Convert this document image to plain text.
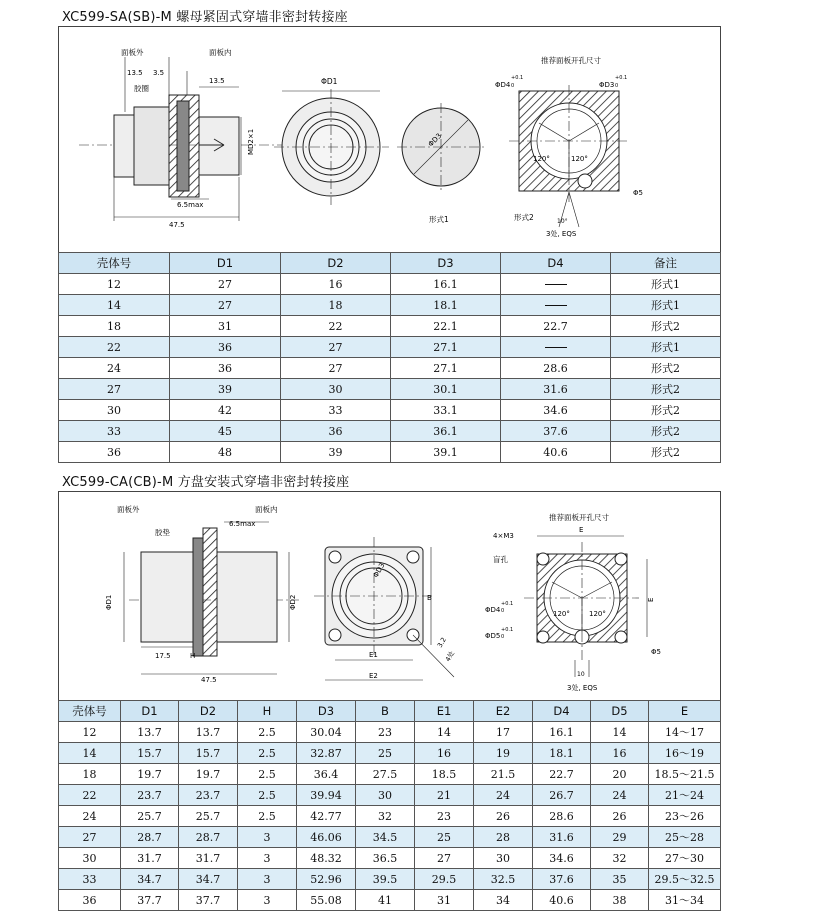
XC599-SA(SB)-M 螺母紧固式穿墙非密封转接座
面板外	面板内
13.5 3.5
胶圈
13.5
MD2×1
6.5max
47.5
ΦD1
ΦD3
形式1
推荐面板开孔尺寸
ΦD4
+0.1
0	ΦD3
+0.1
0
120°	120°
Φ5
形式2	10°
3处, EQS
壳体号	D1	D2	D3	D4	备注
12	27	16	16.1		形式1
14	27	18	18.1		形式1
18	31	22	22.1	22.7	形式2
22	36	27	27.1		形式1
24	36	27	27.1	28.6	形式2
27	39	30	30.1	31.6	形式2
30	42	33	33.1	34.6	形式2
33	45	36	36.1	37.6	形式2
36	48	39	39.1	40.6	形式2
XC599-CA(CB)-M 方盘安装式穿墙非密封转接座
面板外	面板内
胶垫
6.5max
ΦD1	ΦD2
17.5	H
47.5
ΦD3
B
E1
E2
3.2
4处
推荐面板开孔尺寸
E
4×M3
盲孔
ΦD4
+0.1
0
ΦD5
+0.1
0
120°	120°
E
Φ5
10
3处, EQS
壳体号	D1	D2	H	D3	B	E1	E2	D4	D5	E
12	13.7	13.7	2.5	30.04	23	14	17	16.1	14	14～17
14	15.7	15.7	2.5	32.87	25	16	19	18.1	16	16～19
18	19.7	19.7	2.5	36.4	27.5	18.5	21.5	22.7	20	18.5～21.5
22	23.7	23.7	2.5	39.94	30	21	24	26.7	24	21～24
24	25.7	25.7	2.5	42.77	32	23	26	28.6	26	23～26
27	28.7	28.7	3	46.06	34.5	25	28	31.6	29	25～28
30	31.7	31.7	3	48.32	36.5	27	30	34.6	32	27～30
33	34.7	34.7	3	52.96	39.5	29.5	32.5	37.6	35	29.5～32.5
36	37.7	37.7	3	55.08	41	31	34	40.6	38	31～34
